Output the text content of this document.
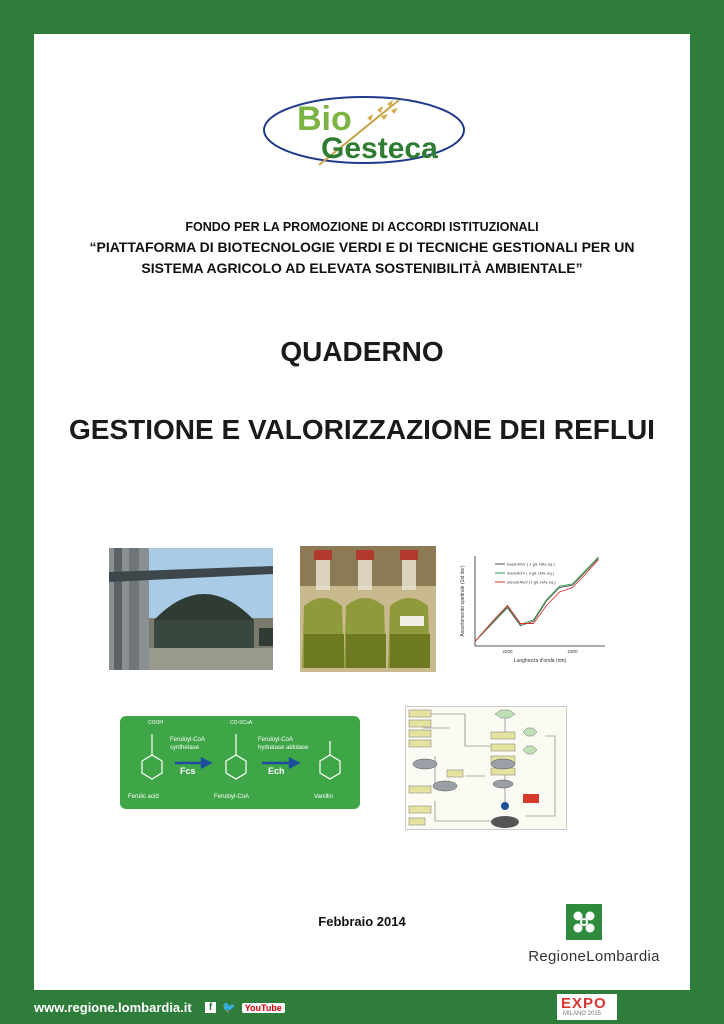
Bio
Gesteca
FONDO PER LA PROMOZIONE DI ACCORDI ISTITUZIONALI
“PIATTAFORMA DI BIOTECNOLOGIE VERDI E DI TECNICHE GESTIONALI PER UN
SISTEMA AGRICOLO AD ELEVATA SOSTENIBILITÀ AMBIENTALE”
QUADERNO
GESTIONE E VALORIZZAZIONE DEI REFLUI
bassi AGV ( 1 g/L HAc eq.)
medi AGV ( 3 g/L HAc eq.)
elevati AGV (7 g/L HAc eq.)
2200	2300
Lunghezza d'onda (nm)
Assorbimento spettrale (1st der)
COOH	CO-SCoA
Feruloyl-CoA synthetase
Feruloyl-CoA hydratase aldolase
Fcs	Ech
Ferulic acid	Feruloyl-CoA	Vanillin
Febbraio 2014
RegioneLombardia
www.regione.lombardia.it	f 🐦	YouTube	EXPO
MILANO 2015
